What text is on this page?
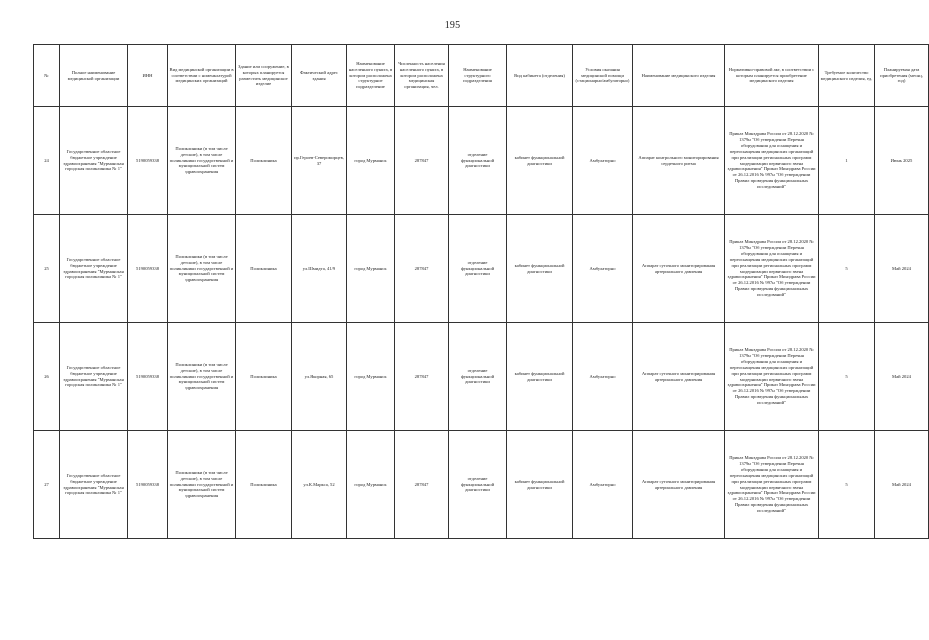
195
№	Полное наименование медицинской организации	ИНН	Вид медицинской организации в соответствии с номенклатурой медицинских организаций	Здание или сооружение, в которых планируется разместить медицинское изделие	Фактический адрес здания	Наименование населенного пункта, в котором расположена структурное подразделение	Численность населения населенного пункта, в котором расположена медицинская организация, чел.	Наименование структурного подразделения	Вид кабинета (отделения)	Условия оказания медицинской помощи (стационарно/амбулаторно)	Наименование медицинского изделия	Нормативно-правовой акт, в соответствии с которым планируется приобретение медицинского изделия	Требуемое количество медицинского изделия, ед.	Планируемая дата приобретения (месяц, год)
24	Государственное областное бюджетное учреждение здравоохранения "Мурманская городская поликлиника № 1"	5190059338	Поликлиники (в том числе детские), в том числе поликлиники государственной и муниципальной систем здравоохранения	Поликлиника	пр.Героев-Североморцев, 37	город Мурманск	287847	отделение функциональной диагностики	кабинет функциональной диагностики	Амбулаторно	Аппарат контрольного мониторирования сердечного ритма	Приказ Минздрава России от 28.12.2020 № 1379н "Об утверждении Перечня оборудования для оснащения и переоснащения медицинских организаций при реализации региональных программ модернизации первичного звена здравоохранения" Приказ Минздрава России от 26.12.2016 № 997н "Об утверждении Правил проведения функциональных исследований"	1	Июнь 2025
25	Государственное областное бюджетное учреждение здравоохранения "Мурманская городская поликлиника № 1"	5190059338	Поликлиники (в том числе детские), в том числе поликлиники государственной и муниципальной систем здравоохранения	Поликлиника	ул.Шмидта, 41/9	город Мурманск	287847	отделение функциональной диагностики	кабинет функциональной диагностики	Амбулаторно	Аппарат суточного мониторирования артериального давления	Приказ Минздрава России от 28.12.2020 № 1379н "Об утверждении Перечня оборудования для оснащения и переоснащения медицинских организаций при реализации региональных программ модернизации первичного звена здравоохранения" Приказ Минздрава России от 26.12.2016 № 997н "Об утверждении Правил проведения функциональных исследований"	5	Май 2024
26	Государственное областное бюджетное учреждение здравоохранения "Мурманская городская поликлиника № 1"	5190059338	Поликлиники (в том числе детские), в том числе поликлиники государственной и муниципальной систем здравоохранения	Поликлиника	ул.Якорная, 65	город Мурманск	287847	отделение функциональной диагностики	кабинет функциональной диагностики	Амбулаторно	Аппарат суточного мониторирования артериального давления	Приказ Минздрава России от 28.12.2020 № 1379н "Об утверждении Перечня оборудования для оснащения и переоснащения медицинских организаций при реализации региональных программ модернизации первичного звена здравоохранения" Приказ Минздрава России от 26.12.2016 № 997н "Об утверждении Правил проведения функциональных исследований"	5	Май 2024
27	Государственное областное бюджетное учреждение здравоохранения "Мурманская городская поликлиника № 1"	5190059338	Поликлиники (в том числе детские), в том числе поликлиники государственной и муниципальной систем здравоохранения	Поликлиника	ул.К.Маркса, 52	город Мурманск	287847	отделение функциональной диагностики	кабинет функциональной диагностики	Амбулаторно	Аппарат суточного мониторирования артериального давления	Приказ Минздрава России от 28.12.2020 № 1379н "Об утверждении Перечня оборудования для оснащения и переоснащения медицинских организаций при реализации региональных программ модернизации первичного звена здравоохранения" Приказ Минздрава России от 26.12.2016 № 997н "Об утверждении Правил проведения функциональных исследований"	5	Май 2024
